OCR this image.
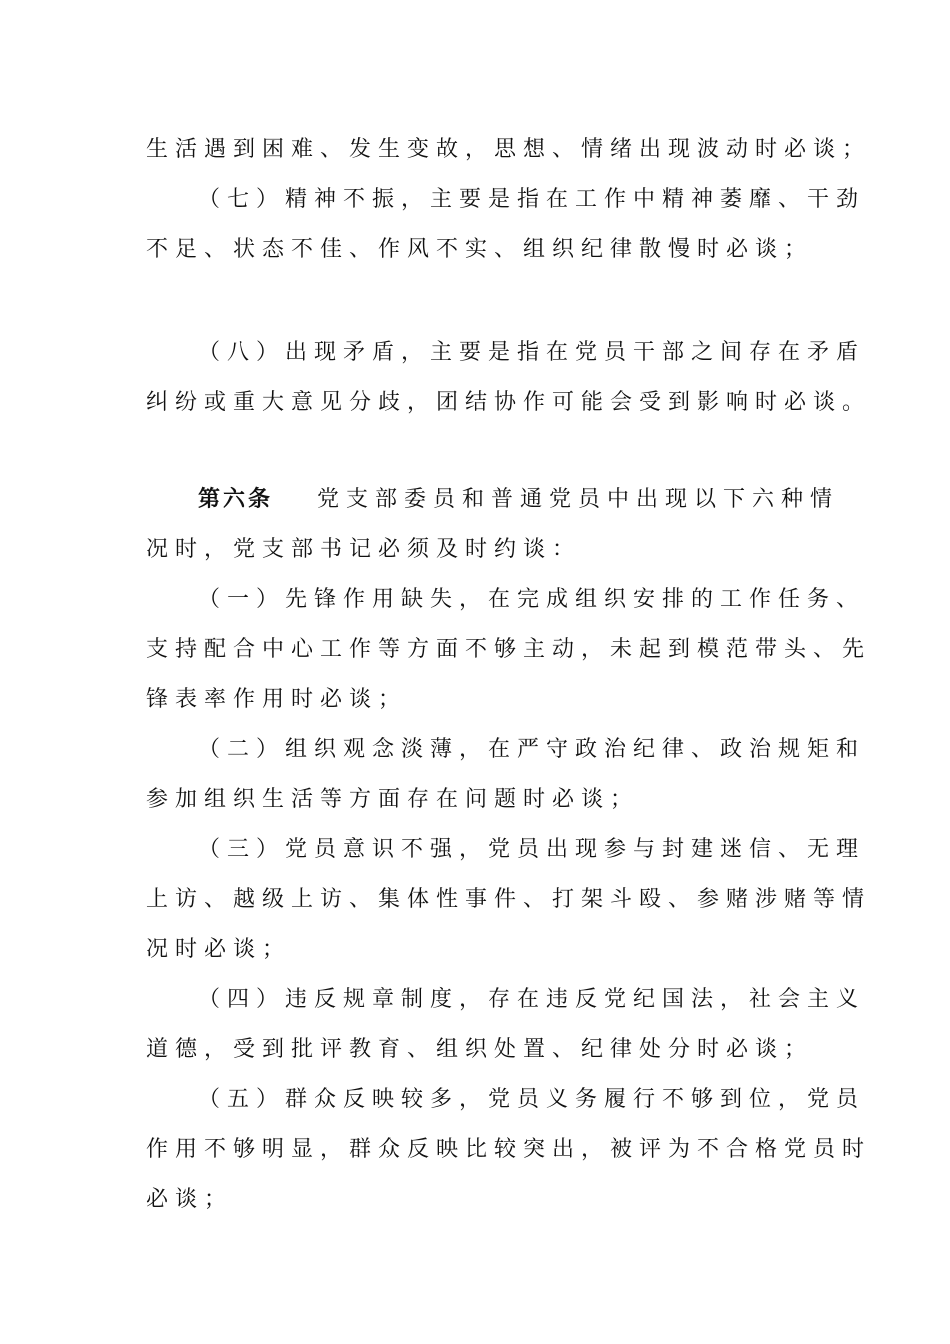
生活遇到困难、发生变故，思想、情绪出现波动时必谈；
（七）精神不振，主要是指在工作中精神萎靡、干劲
不足、状态不佳、作风不实、组织纪律散慢时必谈；
（八）出现矛盾，主要是指在党员干部之间存在矛盾
纠纷或重大意见分歧，团结协作可能会受到影响时必谈。
第六条 党支部委员和普通党员中出现以下六种情
况时，党支部书记必须及时约谈：
（一）先锋作用缺失，在完成组织安排的工作任务、
支持配合中心工作等方面不够主动，未起到模范带头、先
锋表率作用时必谈；
（二）组织观念淡薄，在严守政治纪律、政治规矩和
参加组织生活等方面存在问题时必谈；
（三）党员意识不强，党员出现参与封建迷信、无理
上访、越级上访、集体性事件、打架斗殴、参赌涉赌等情
况时必谈；
（四）违反规章制度，存在违反党纪国法，社会主义
道德，受到批评教育、组织处置、纪律处分时必谈；
（五）群众反映较多，党员义务履行不够到位，党员
作用不够明显，群众反映比较突出，被评为不合格党员时
必谈；
